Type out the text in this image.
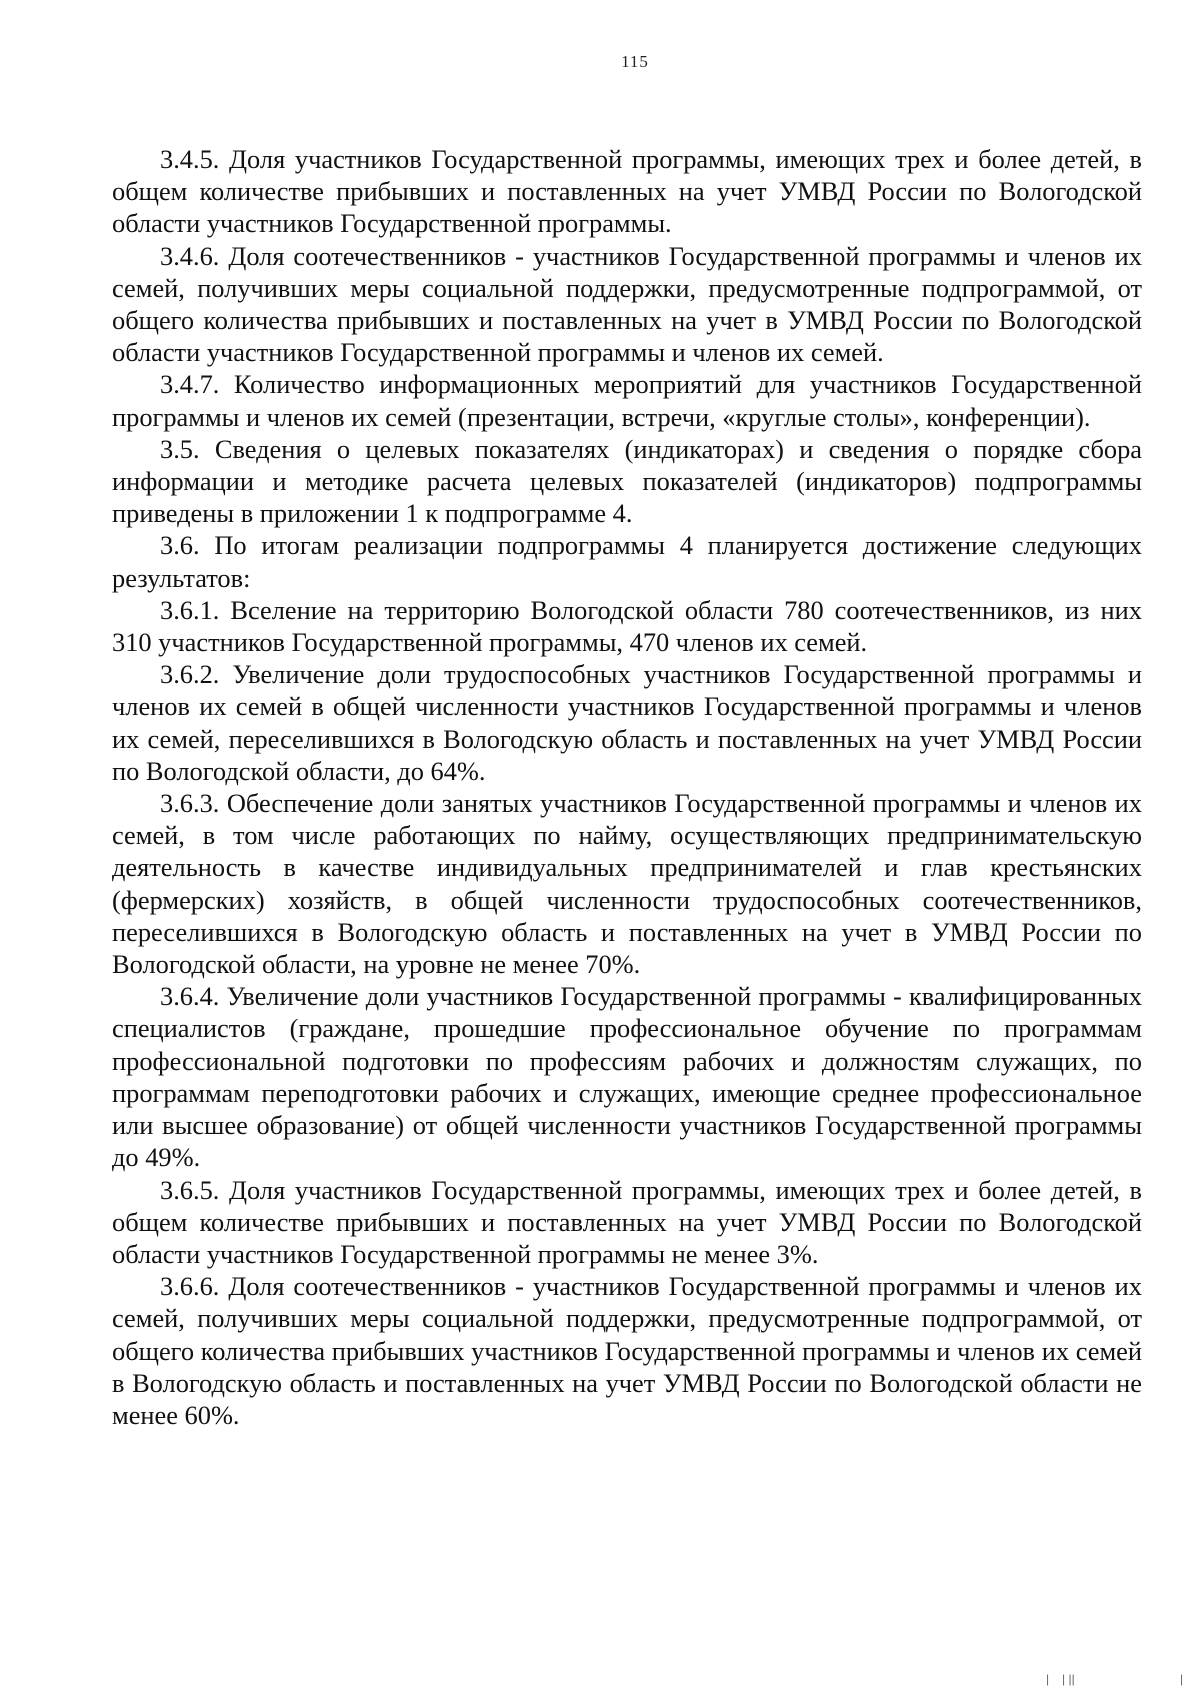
115

3.4.5. Доля участников Государственной программы, имеющих трех и более детей, в общем количестве прибывших и поставленных на учет УМВД России по Вологодской области участников Государственной программы.

3.4.6. Доля соотечественников - участников Государственной программы и членов их семей, получивших меры социальной поддержки, предусмотренные подпрограммой, от общего количества прибывших и поставленных на учет в УМВД России по Вологодской области участников Государственной программы и членов их семей.

3.4.7. Количество информационных мероприятий для участников Государственной программы и членов их семей (презентации, встречи, «круглые столы», конференции).

3.5. Сведения о целевых показателях (индикаторах) и сведения о порядке сбора информации и методике расчета целевых показателей (индикаторов) подпрограммы приведены в приложении 1 к подпрограмме 4.

3.6. По итогам реализации подпрограммы 4 планируется достижение следующих результатов:

3.6.1. Вселение на территорию Вологодской области 780 соотечественников, из них 310 участников Государственной программы, 470 членов их семей.

3.6.2. Увеличение доли трудоспособных участников Государственной программы и членов их семей в общей численности участников Государственной программы и членов их семей, переселившихся в Вологодскую область и поставленных на учет УМВД России по Вологодской области, до 64%.

3.6.3. Обеспечение доли занятых участников Государственной программы и членов их семей, в том числе работающих по найму, осуществляющих предпринимательскую деятельность в качестве индивидуальных предпринимателей и глав крестьянских (фермерских) хозяйств, в общей численности трудоспособных соотечественников, переселившихся в Вологодскую область и поставленных на учет в УМВД России по Вологодской области, на уровне не менее 70%.

3.6.4. Увеличение доли участников Государственной программы - квалифицированных специалистов (граждане, прошедшие профессиональное обучение по программам профессиональной подготовки по профессиям рабочих и должностям служащих, по программам переподготовки рабочих и служащих, имеющие среднее профессиональное или высшее образование) от общей численности участников Государственной программы до 49%.

3.6.5. Доля участников Государственной программы, имеющих трех и более детей, в общем количестве прибывших и поставленных на учет УМВД России по Вологодской области участников Государственной программы не менее 3%.

3.6.6. Доля соотечественников - участников Государственной программы и членов их семей, получивших меры социальной поддержки, предусмотренные подпрограммой, от общего количества прибывших участников Государственной программы и членов их семей в Вологодскую область и поставленных на учет УМВД России по Вологодской области не менее 60%.

| ||	|
|
